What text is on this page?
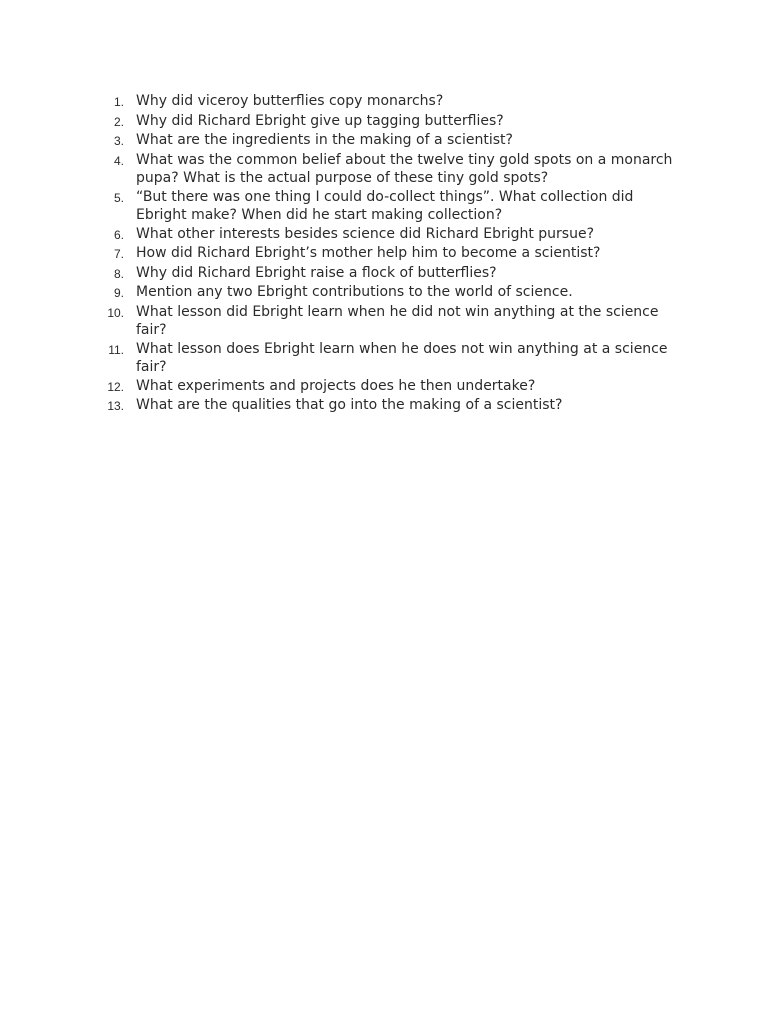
1. Why did viceroy butterflies copy monarchs?
2. Why did Richard Ebright give up tagging butterflies?
3. What are the ingredients in the making of a scientist?
4. What was the common belief about the twelve tiny gold spots on a monarch pupa? What is the actual purpose of these tiny gold spots?
5. “But there was one thing I could do-collect things”. What collection did Ebright make? When did he start making collection?
6. What other interests besides science did Richard Ebright pursue?
7. How did Richard Ebright’s mother help him to become a scientist?
8. Why did Richard Ebright raise a flock of butterflies?
9. Mention any two Ebright contributions to the world of science.
10. What lesson did Ebright learn when he did not win anything at the science fair?
11. What lesson does Ebright learn when he does not win anything at a science fair?
12. What experiments and projects does he then undertake?
13. What are the qualities that go into the making of a scientist?
